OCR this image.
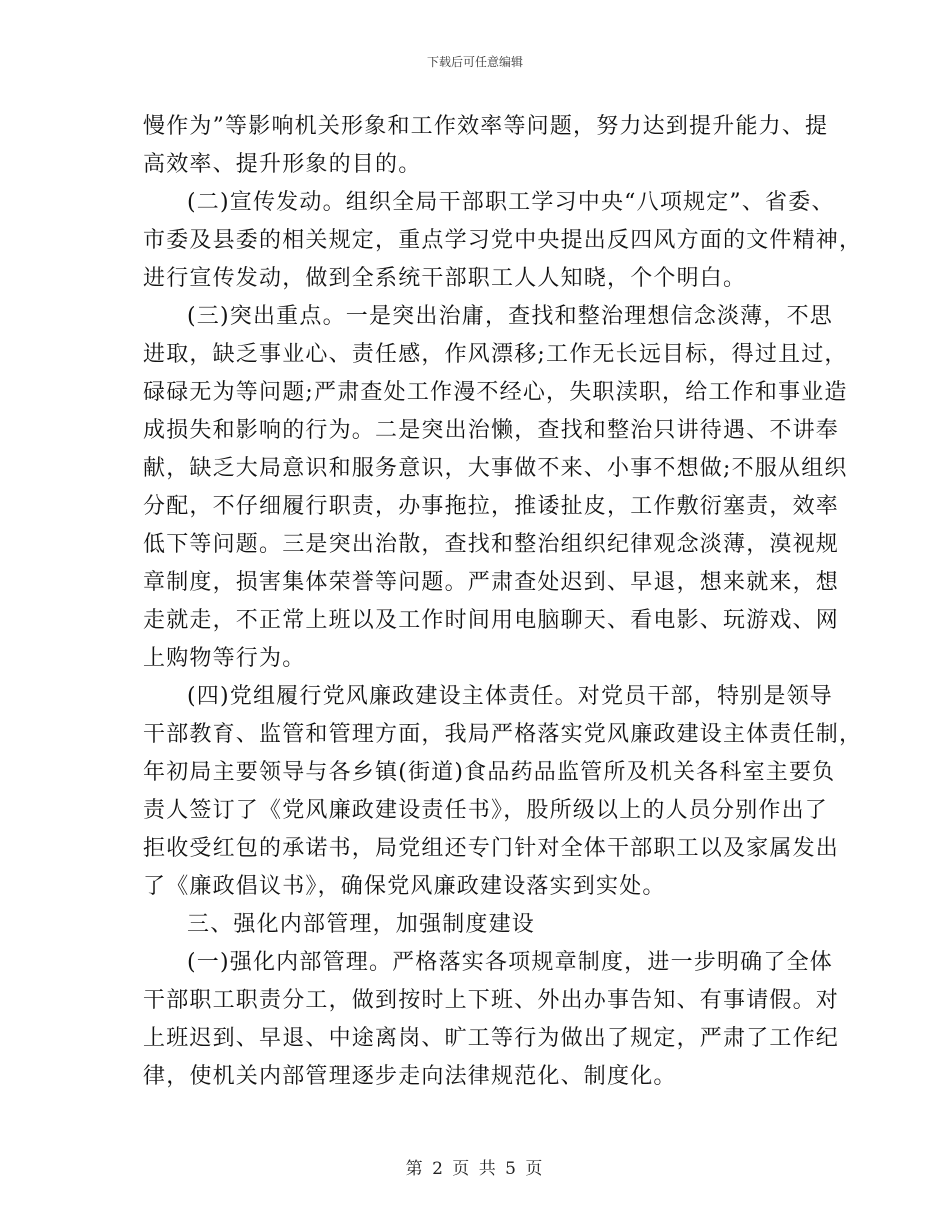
下载后可任意编辑
慢作为”等影响机关形象和工作效率等问题，努力达到提升能力、提
高效率、提升形象的目的。
(二)宣传发动。组织全局干部职工学习中央“八项规定”、省委、
市委及县委的相关规定，重点学习党中央提出反四风方面的文件精神，
进行宣传发动，做到全系统干部职工人人知晓，个个明白。
(三)突出重点。一是突出治庸，查找和整治理想信念淡薄，不思
进取，缺乏事业心、责任感，作风漂移;工作无长远目标，得过且过，
碌碌无为等问题;严肃查处工作漫不经心，失职渎职，给工作和事业造
成损失和影响的行为。二是突出治懒，查找和整治只讲待遇、不讲奉
献，缺乏大局意识和服务意识，大事做不来、小事不想做;不服从组织
分配，不仔细履行职责，办事拖拉，推诿扯皮，工作敷衍塞责，效率
低下等问题。三是突出治散，查找和整治组织纪律观念淡薄，漠视规
章制度，损害集体荣誉等问题。严肃查处迟到、早退，想来就来，想
走就走，不正常上班以及工作时间用电脑聊天、看电影、玩游戏、网
上购物等行为。
(四)党组履行党风廉政建设主体责任。对党员干部，特别是领导
干部教育、监管和管理方面，我局严格落实党风廉政建设主体责任制，
年初局主要领导与各乡镇(街道)食品药品监管所及机关各科室主要负
责人签订了《党风廉政建设责任书》，股所级以上的人员分别作出了
拒收受红包的承诺书，局党组还专门针对全体干部职工以及家属发出
了《廉政倡议书》，确保党风廉政建设落实到实处。
三、强化内部管理，加强制度建设
(一)强化内部管理。严格落实各项规章制度，进一步明确了全体
干部职工职责分工，做到按时上下班、外出办事告知、有事请假。对
上班迟到、早退、中途离岗、旷工等行为做出了规定，严肃了工作纪
律，使机关内部管理逐步走向法律规范化、制度化。
第 2 页 共 5 页
